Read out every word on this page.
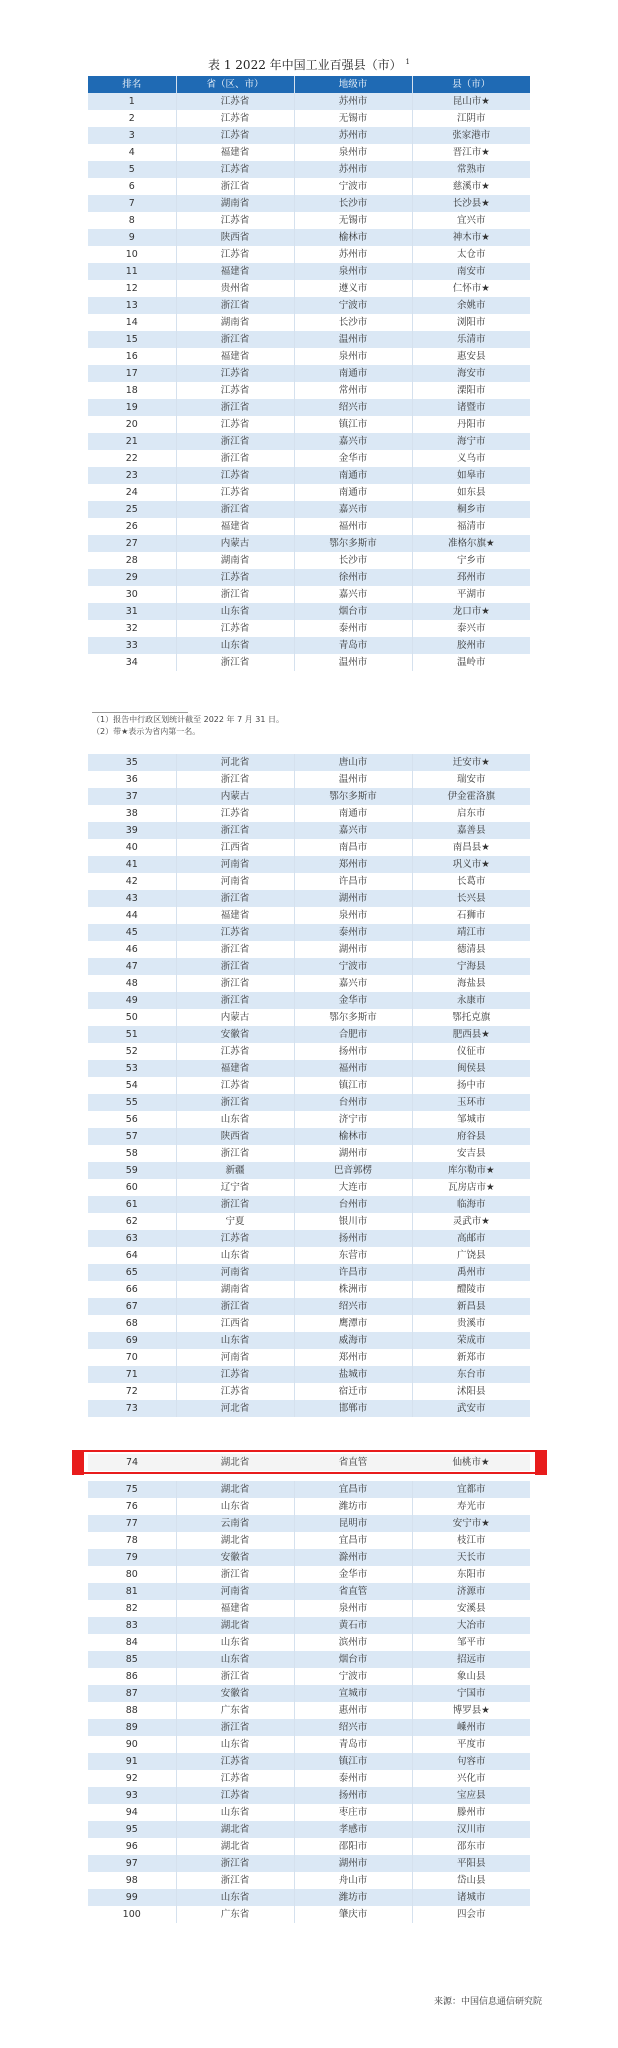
表 1 2022 年中国工业百强县（市） $^1$
排名	省（区、市）	地级市	县（市）
1	江苏省	苏州市	昆山市★
2	江苏省	无锡市	江阴市
3	江苏省	苏州市	张家港市
4	福建省	泉州市	晋江市★
5	江苏省	苏州市	常熟市
6	浙江省	宁波市	慈溪市★
7	湖南省	长沙市	长沙县★
8	江苏省	无锡市	宜兴市
9	陕西省	榆林市	神木市★
10	江苏省	苏州市	太仓市
11	福建省	泉州市	南安市
12	贵州省	遵义市	仁怀市★
13	浙江省	宁波市	余姚市
14	湖南省	长沙市	浏阳市
15	浙江省	温州市	乐清市
16	福建省	泉州市	惠安县
17	江苏省	南通市	海安市
18	江苏省	常州市	溧阳市
19	浙江省	绍兴市	诸暨市
20	江苏省	镇江市	丹阳市
21	浙江省	嘉兴市	海宁市
22	浙江省	金华市	义乌市
23	江苏省	南通市	如皋市
24	江苏省	南通市	如东县
25	浙江省	嘉兴市	桐乡市
26	福建省	福州市	福清市
27	内蒙古	鄂尔多斯市	准格尔旗★
28	湖南省	长沙市	宁乡市
29	江苏省	徐州市	邳州市
30	浙江省	嘉兴市	平湖市
31	山东省	烟台市	龙口市★
32	江苏省	泰州市	泰兴市
33	山东省	青岛市	胶州市
34	浙江省	温州市	温岭市
（1）报告中行政区划统计截至 2022 年 7 月 31 日。
（2）带★表示为省内第一名。
35	河北省	唐山市	迁安市★
36	浙江省	温州市	瑞安市
37	内蒙古	鄂尔多斯市	伊金霍洛旗
38	江苏省	南通市	启东市
39	浙江省	嘉兴市	嘉善县
40	江西省	南昌市	南昌县★
41	河南省	郑州市	巩义市★
42	河南省	许昌市	长葛市
43	浙江省	湖州市	长兴县
44	福建省	泉州市	石狮市
45	江苏省	泰州市	靖江市
46	浙江省	湖州市	德清县
47	浙江省	宁波市	宁海县
48	浙江省	嘉兴市	海盐县
49	浙江省	金华市	永康市
50	内蒙古	鄂尔多斯市	鄂托克旗
51	安徽省	合肥市	肥西县★
52	江苏省	扬州市	仪征市
53	福建省	福州市	闽侯县
54	江苏省	镇江市	扬中市
55	浙江省	台州市	玉环市
56	山东省	济宁市	邹城市
57	陕西省	榆林市	府谷县
58	浙江省	湖州市	安吉县
59	新疆	巴音郭楞	库尔勒市★
60	辽宁省	大连市	瓦房店市★
61	浙江省	台州市	临海市
62	宁夏	银川市	灵武市★
63	江苏省	扬州市	高邮市
64	山东省	东营市	广饶县
65	河南省	许昌市	禹州市
66	湖南省	株洲市	醴陵市
67	浙江省	绍兴市	新昌县
68	江西省	鹰潭市	贵溪市
69	山东省	威海市	荣成市
70	河南省	郑州市	新郑市
71	江苏省	盐城市	东台市
72	江苏省	宿迁市	沭阳县
73	河北省	邯郸市	武安市
74	湖北省	省直管	仙桃市★
75	湖北省	宜昌市	宜都市
76	山东省	潍坊市	寿光市
77	云南省	昆明市	安宁市★
78	湖北省	宜昌市	枝江市
79	安徽省	滁州市	天长市
80	浙江省	金华市	东阳市
81	河南省	省直管	济源市
82	福建省	泉州市	安溪县
83	湖北省	黄石市	大冶市
84	山东省	滨州市	邹平市
85	山东省	烟台市	招远市
86	浙江省	宁波市	象山县
87	安徽省	宣城市	宁国市
88	广东省	惠州市	博罗县★
89	浙江省	绍兴市	嵊州市
90	山东省	青岛市	平度市
91	江苏省	镇江市	句容市
92	江苏省	泰州市	兴化市
93	江苏省	扬州市	宝应县
94	山东省	枣庄市	滕州市
95	湖北省	孝感市	汉川市
96	湖北省	邵阳市	邵东市
97	浙江省	湖州市	平阳县
98	浙江省	舟山市	岱山县
99	山东省	潍坊市	诸城市
100	广东省	肇庆市	四会市
来源：中国信息通信研究院
